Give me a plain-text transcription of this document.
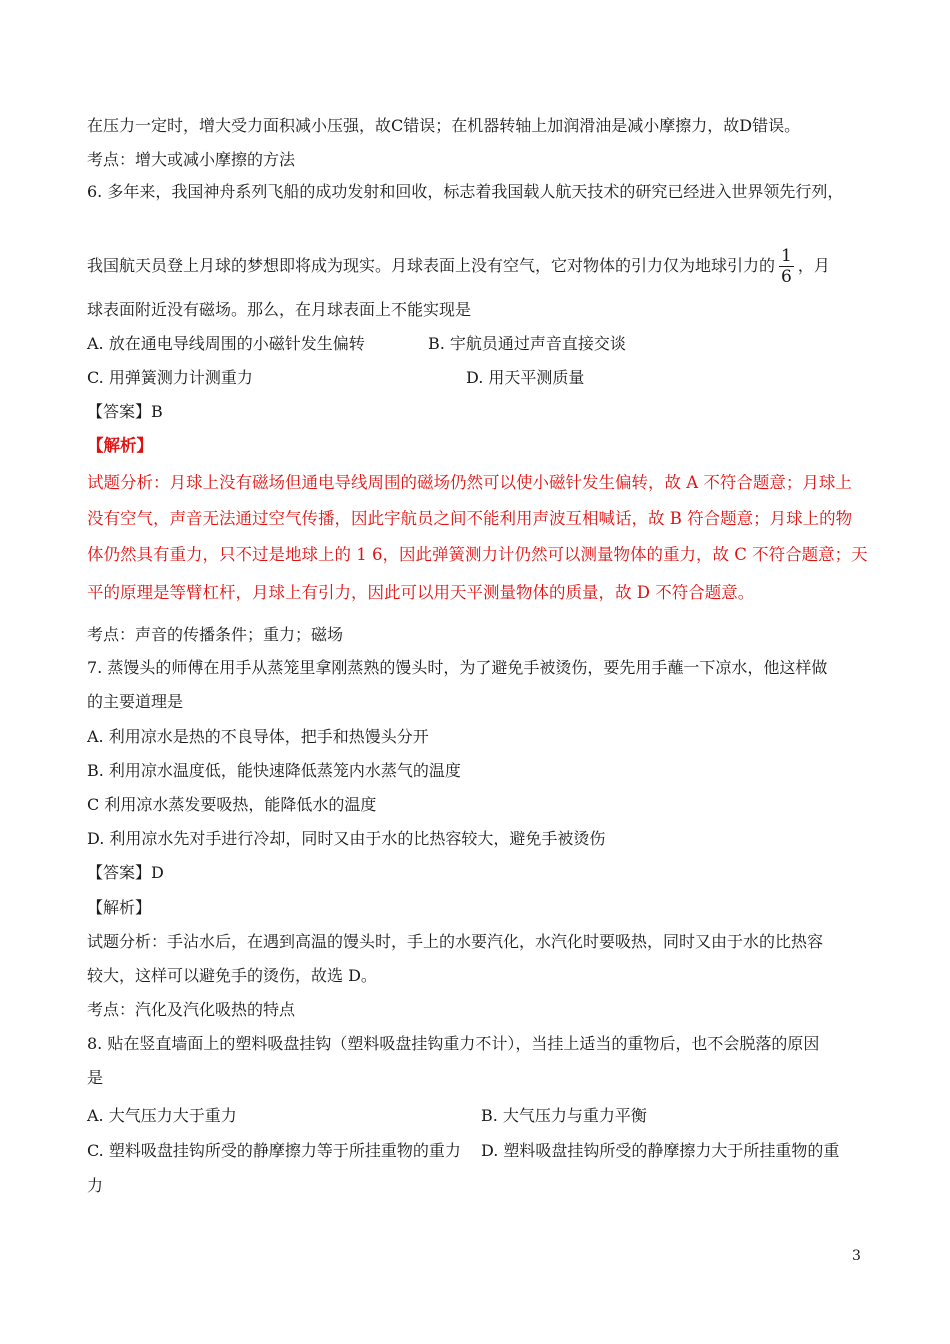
在压力一定时，增大受力面积减小压强，故C错误；在机器转轴上加润滑油是减小摩擦力，故D错误。
考点：增大或减小摩擦的方法
6. 多年来，我国神舟系列飞船的成功发射和回收，标志着我国载人航天技术的研究已经进入世界领先行列，
我国航天员登上月球的梦想即将成为现实。月球表面上没有空气，它对物体的引力仅为地球引力的 $\frac{1}{6}$ ，月
球表面附近没有磁场。那么，在月球表面上不能实现是
A. 放在通电导线周围的小磁针发生偏转	B. 宇航员通过声音直接交谈
C. 用弹簧测力计测重力	D. 用天平测质量
【答案】B
【解析】
试题分析：月球上没有磁场但通电导线周围的磁场仍然可以使小磁针发生偏转，故 A 不符合题意；月球上
没有空气，声音无法通过空气传播，因此宇航员之间不能利用声波互相喊话，故 B 符合题意；月球上的物
体仍然具有重力，只不过是地球上的 1 6，因此弹簧测力计仍然可以测量物体的重力，故 C 不符合题意；天
平的原理是等臂杠杆，月球上有引力，因此可以用天平测量物体的质量，故 D 不符合题意。
考点：声音的传播条件；重力；磁场
7. 蒸馒头的师傅在用手从蒸笼里拿刚蒸熟的馒头时，为了避免手被烫伤，要先用手蘸一下凉水，他这样做
的主要道理是
A. 利用凉水是热的不良导体，把手和热馒头分开
B. 利用凉水温度低，能快速降低蒸笼内水蒸气的温度
C 利用凉水蒸发要吸热，能降低水的温度
D. 利用凉水先对手进行冷却，同时又由于水的比热容较大，避免手被烫伤
【答案】D
【解析】
试题分析：手沾水后，在遇到高温的馒头时，手上的水要汽化，水汽化时要吸热，同时又由于水的比热容
较大，这样可以避免手的烫伤，故选 D。
考点：汽化及汽化吸热的特点
8. 贴在竖直墙面上的塑料吸盘挂钩（塑料吸盘挂钩重力不计），当挂上适当的重物后，也不会脱落的原因
是
A. 大气压力大于重力	B. 大气压力与重力平衡
C. 塑料吸盘挂钩所受的静摩擦力等于所挂重物的重力 D. 塑料吸盘挂钩所受的静摩擦力大于所挂重物的重
力
3
